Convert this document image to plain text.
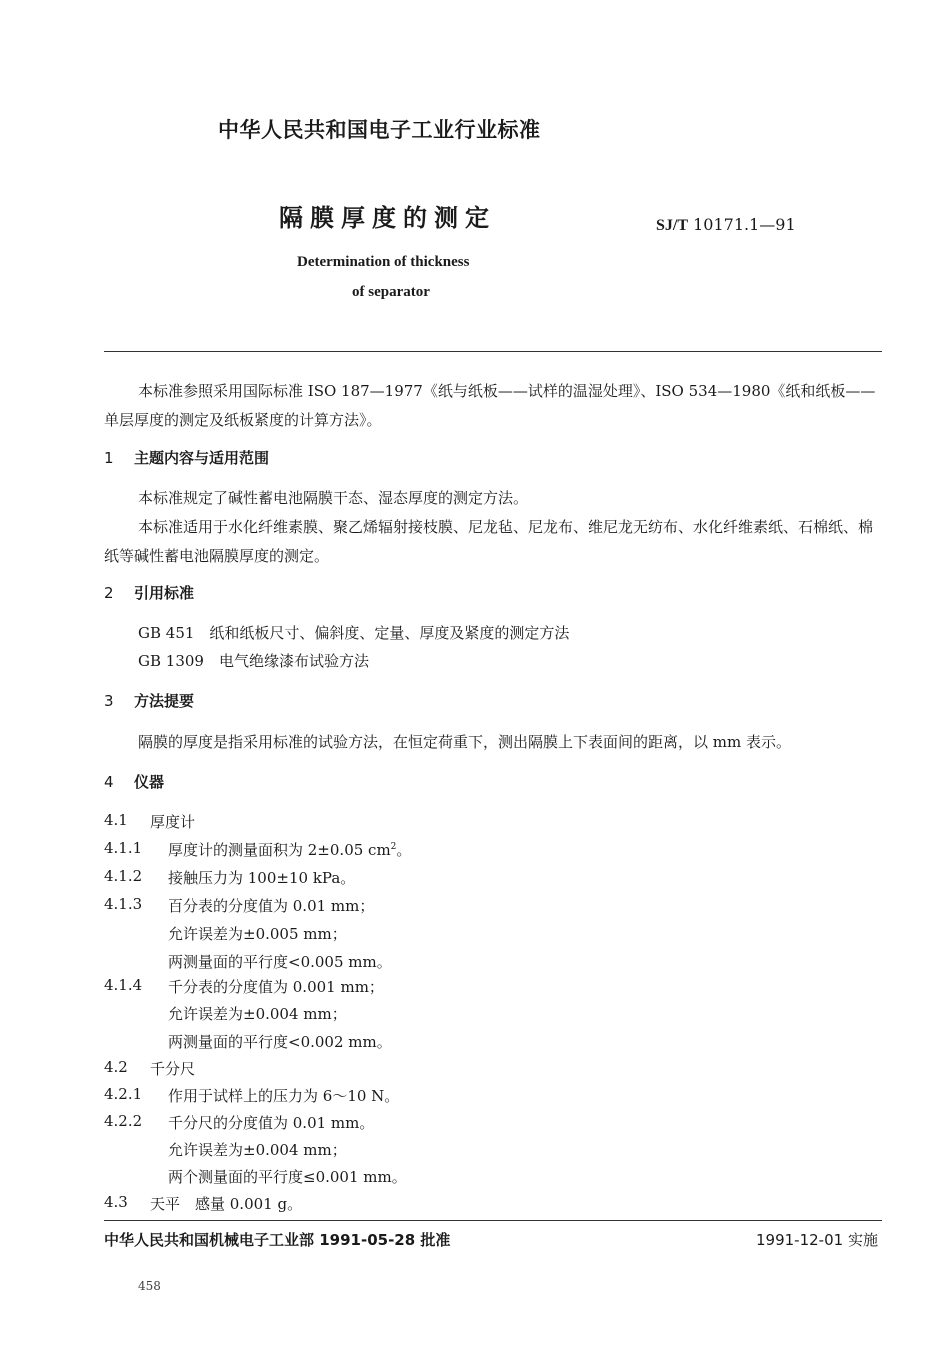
中华人民共和国电子工业行业标准
隔膜厚度的测定	SJ/T 10171.1—91
Determination of thickness
of separator
本标准参照采用国际标准 ISO 187—1977《纸与纸板——试样的温湿处理》、ISO 534—1980《纸和纸板——单层厚度的测定及纸板紧度的计算方法》。
1 主题内容与适用范围
本标准规定了碱性蓄电池隔膜干态、湿态厚度的测定方法。
本标准适用于水化纤维素膜、聚乙烯辐射接枝膜、尼龙毡、尼龙布、维尼龙无纺布、水化纤维素纸、石棉纸、棉纸等碱性蓄电池隔膜厚度的测定。
2 引用标准
GB 451　纸和纸板尺寸、偏斜度、定量、厚度及紧度的测定方法
GB 1309　电气绝缘漆布试验方法
3 方法提要
隔膜的厚度是指采用标准的试验方法，在恒定荷重下，测出隔膜上下表面间的距离，以 mm 表示。
4 仪器
4.1 厚度计
4.1.1 厚度计的测量面积为 2±0.05 $cm^2$。
4.1.2 接触压力为 100±10 kPa。
4.1.3 百分表的分度值为 0.01 mm；
允许误差为±0.005 mm；
两测量面的平行度<0.005 mm。
4.1.4 千分表的分度值为 0.001 mm；
允许误差为±0.004 mm；
两测量面的平行度<0.002 mm。
4.2 千分尺
4.2.1 作用于试样上的压力为 6～10 N。
4.2.2 千分尺的分度值为 0.01 mm。
允许误差为±0.004 mm；
两个测量面的平行度≤0.001 mm。
4.3 天平　感量 0.001 g。
中华人民共和国机械电子工业部 1991-05-28 批准	1991-12-01 实施
458
